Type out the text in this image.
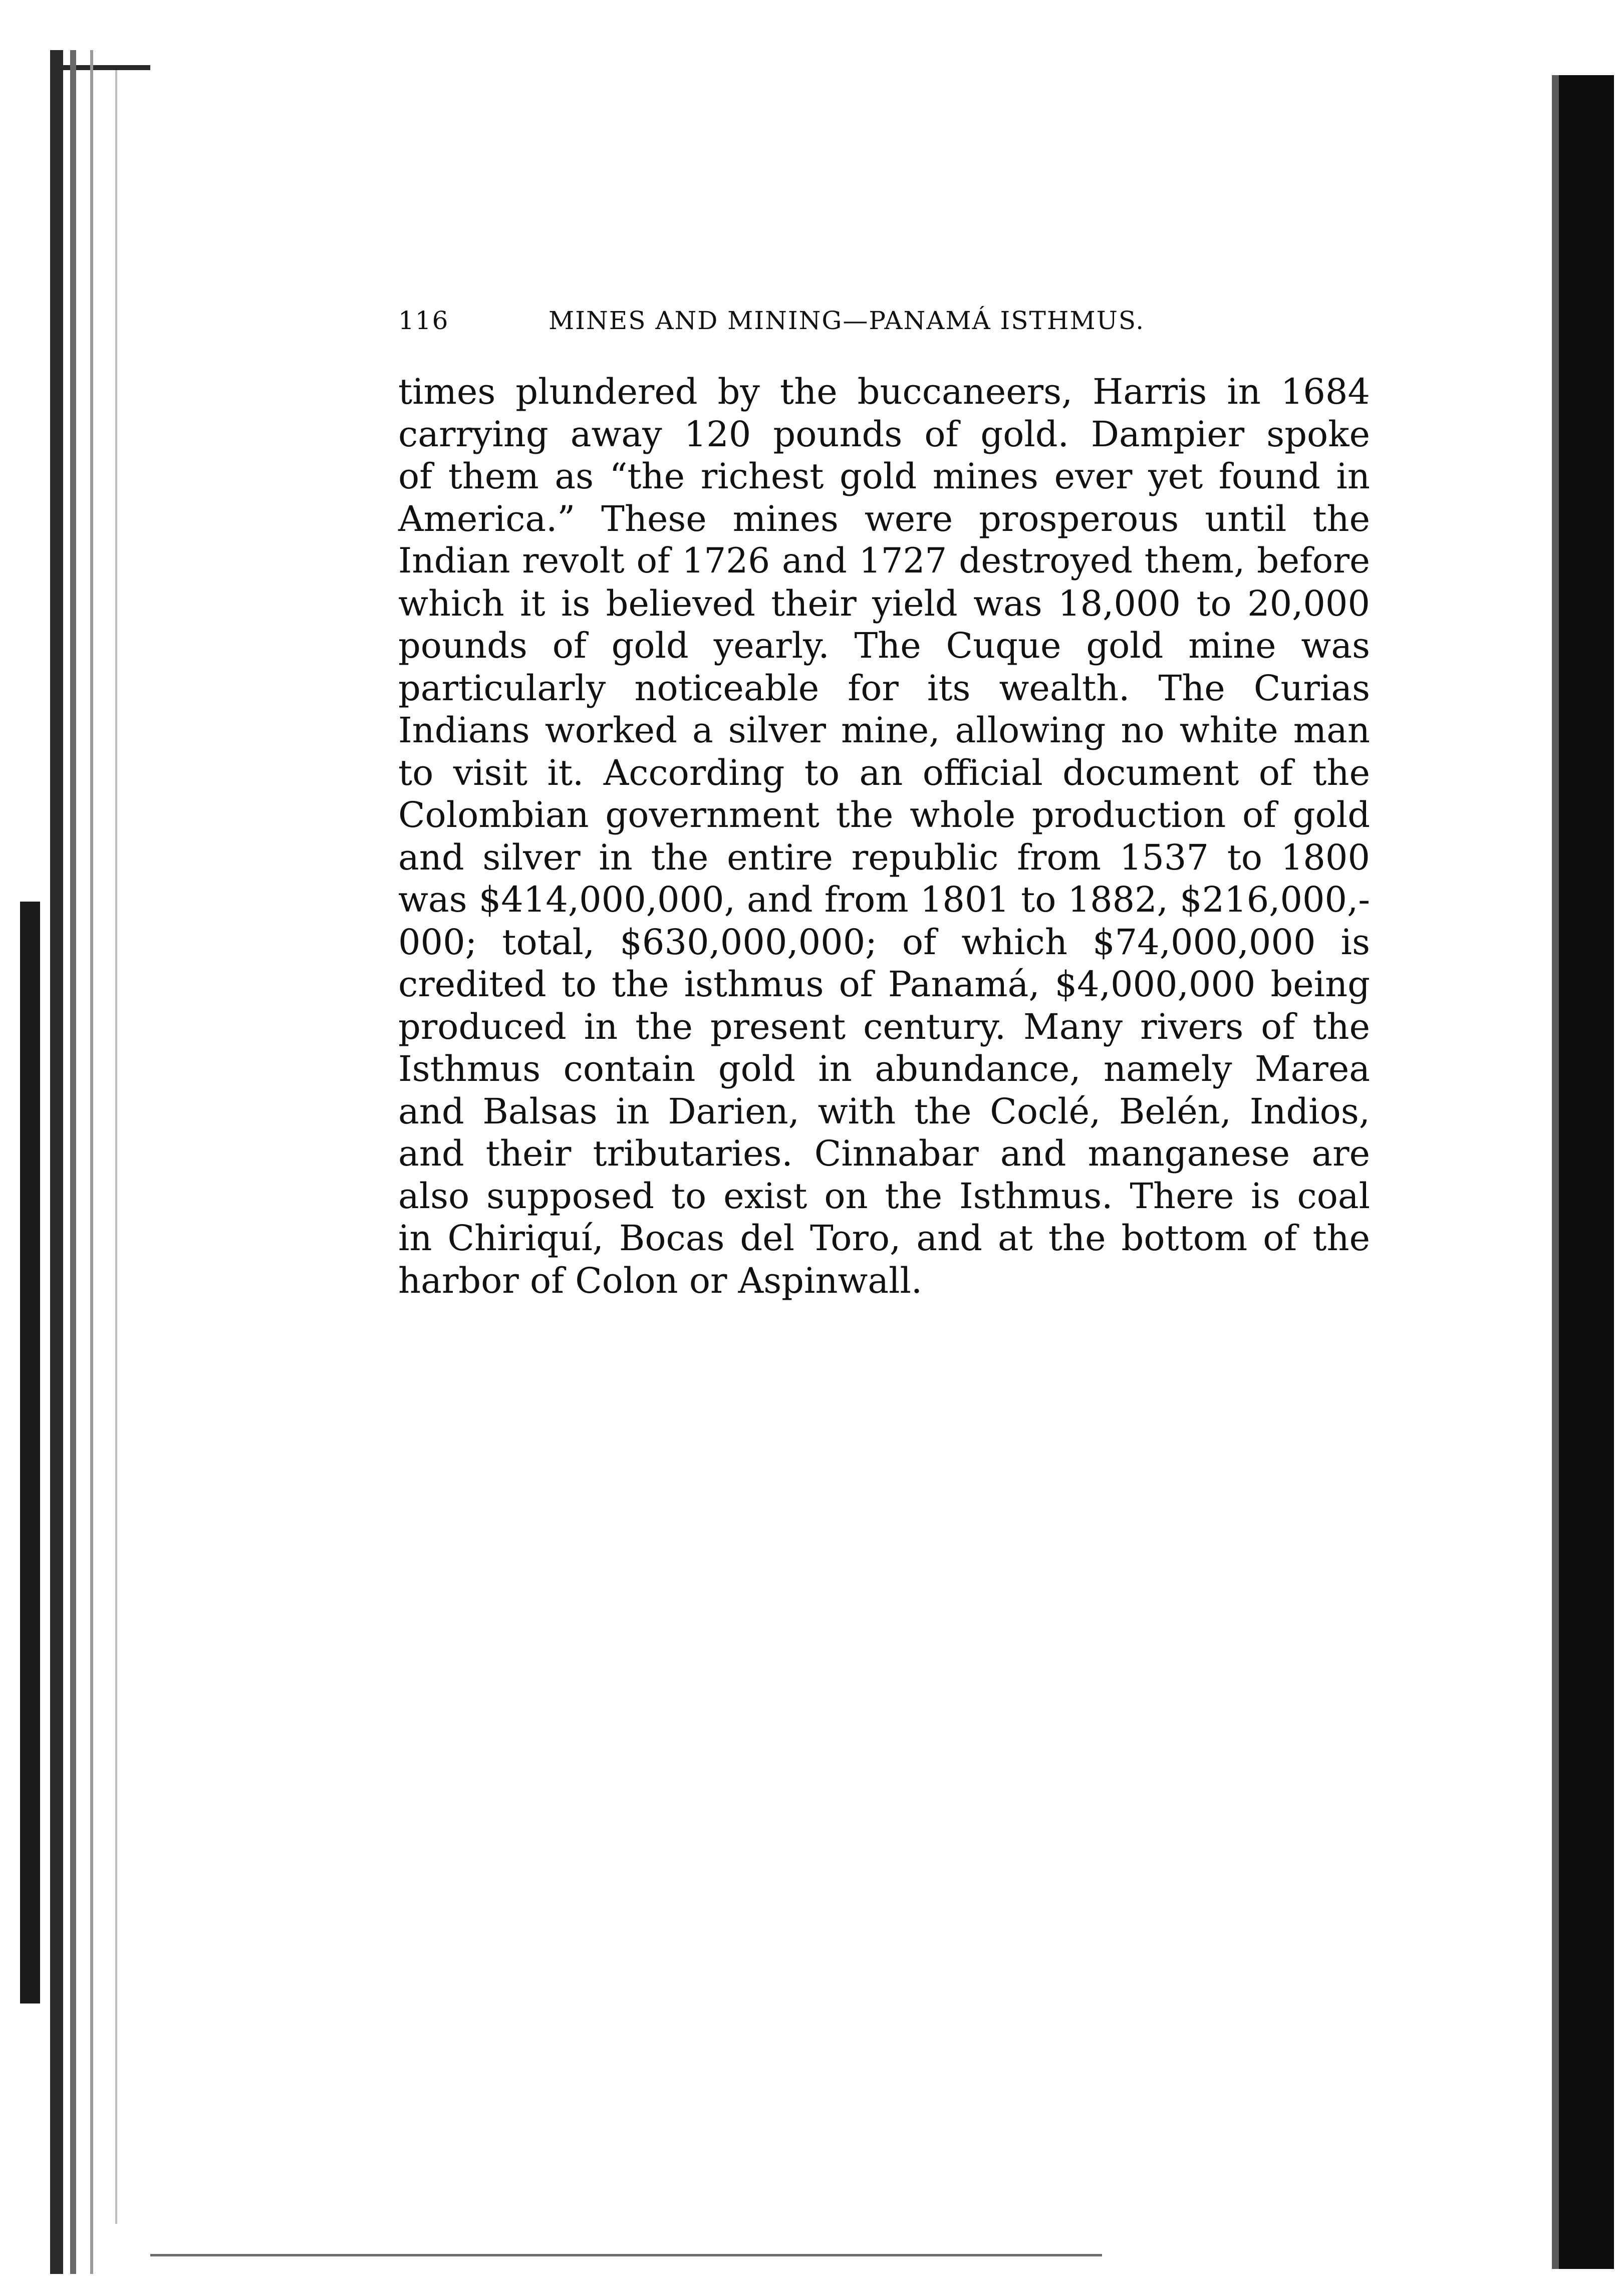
116	MINES AND MINING—PANAMÁ ISTHMUS.
times plundered by the buccaneers, Harris in 1684
carrying away 120 pounds of gold. Dampier spoke
of them as “the richest gold mines ever yet found in
America.” These mines were prosperous until the
Indian revolt of 1726 and 1727 destroyed them, before
which it is believed their yield was 18,000 to 20,000
pounds of gold yearly. The Cuque gold mine was
particularly noticeable for its wealth. The Curias
Indians worked a silver mine, allowing no white man
to visit it. According to an official document of the
Colombian government the whole production of gold
and silver in the entire republic from 1537 to 1800
was $414,000,000, and from 1801 to 1882, $216,000,-
000; total, $630,000,000; of which $74,000,000 is
credited to the isthmus of Panamá, $4,000,000 being
produced in the present century. Many rivers of the
Isthmus contain gold in abundance, namely Marea
and Balsas in Darien, with the Coclé, Belén, Indios,
and their tributaries. Cinnabar and manganese are
also supposed to exist on the Isthmus. There is coal
in Chiriquí, Bocas del Toro, and at the bottom of the
harbor of Colon or Aspinwall.
